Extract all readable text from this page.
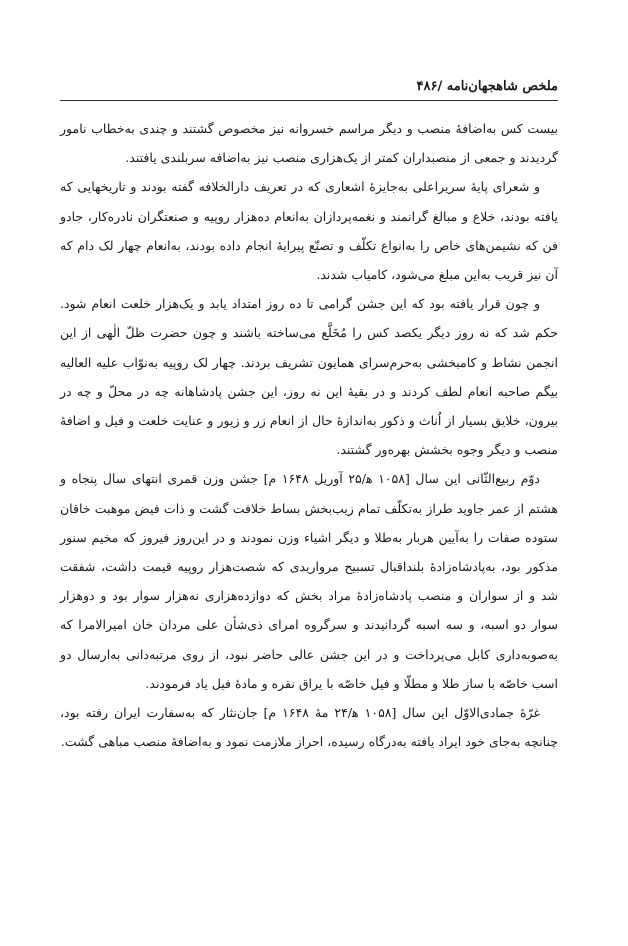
ملخص شاهجهان‌نامه /۴۸۶

بیست کس به‌اضافهٔ منصب و دیگر مراسم خسروانه نیز مخصوص گشتند و چندی به‌خطاب نامور گردیدند و جمعی از منصبداران کمتر از یک‌هزاری منصب نیز به‌اضافه سربلندی یافتند.

و شعرای پایهٔ سریراعلی به‌جایزهٔ اشعاری که در تعریف دارالخلافه گفته بودند و تاریخهایی که یافته بودند، خلاع و مبالغ گرانمند و نغمه‌پردازان به‌انعام ده‌هزار روپیه و صنعتگران نادره‌کار، جادو فن که نشیمن‌های خاص را به‌انواع تکلّف و تصنّع پیرایهٔ انجام داده بودند، به‌انعام چهار لک دام که آن نیز قریب به‌این مبلغ می‌شود، کامیاب شدند.

و چون قرار یافته بود که این جشن گرامی تا ده روز امتداد یابد و یک‌هزار خلعت انعام شود. حکم شد که نه روز دیگر یکصد کس را مُخَلَّع می‌ساخته باشند و چون حضرت ظلّ الٰهی از این انجمن نشاط و کامبخشی به‌حرم‌سرای همایون تشریف بردند. چهار لک روپیه به‌نوّاب علیه العالیه بیگم صاحبه انعام لطف کردند و در بقیهٔ این نه روز، این جشن پادشاهانه چه در محلّ و چه در بیرون، خلایق بسیار از اُناث و ذکور به‌اندازهٔ حال از انعام زر و زیور و عنایت خلعت و فیل و اضافهٔ منصب و دیگر وجوه بخشش بهره‌ور گشتند.

دوّم ربیع‌الثّانی این سال [۱۰۵۸ ه‍/۲۵ آوریل ۱۶۴۸ م] جشن وزن قمری انتهای سال پنجاه و هشتم از عمر جاوید طراز به‌تکلّف تمام زیب‌بخش بساط خلافت گشت و ذات فیض موهبت خاقان ستوده صفات را به‌آیین هربار به‌طلا و دیگر اشیاء وزن نمودند و در این‌روز فیروز که مخیم سنور مذکور بود، به‌پادشاه‌زادهٔ بلنداقبال تسبیح مرواریدی که شصت‌هزار روپیه قیمت داشت، شفقت شد و از سواران و منصب پادشاه‌زادهٔ مراد بخش که دوازده‌هزاری نه‌هزار سوار بود و دوهزار سوار دو اسبه، و سه اسبه گردانیدند و سرگروه امرای ذی‌شأن علی مردان خان امیرالامرا که به‌صوبه‌داری کابل می‌پرداخت و در این جشن عالی حاضر نبود، از روی مرتبه‌دانی به‌ارسال دو اسب خاصّه با ساز طلا و مطلّا و فیل خاصّه با یراق نقره و مادهٔ فیل یاد فرمودند.

غرّهٔ جمادی‌الاوّل این سال [۱۰۵۸ ه‍/۲۴ مهٔ ۱۶۴۸ م] جان‌نثار که به‌سفارت ایران رفته بود، چنانچه به‌جای خود ایراد یافته به‌درگاه رسیده، احراز ملازمت نمود و به‌اضافهٔ منصب مباهی گشت.
